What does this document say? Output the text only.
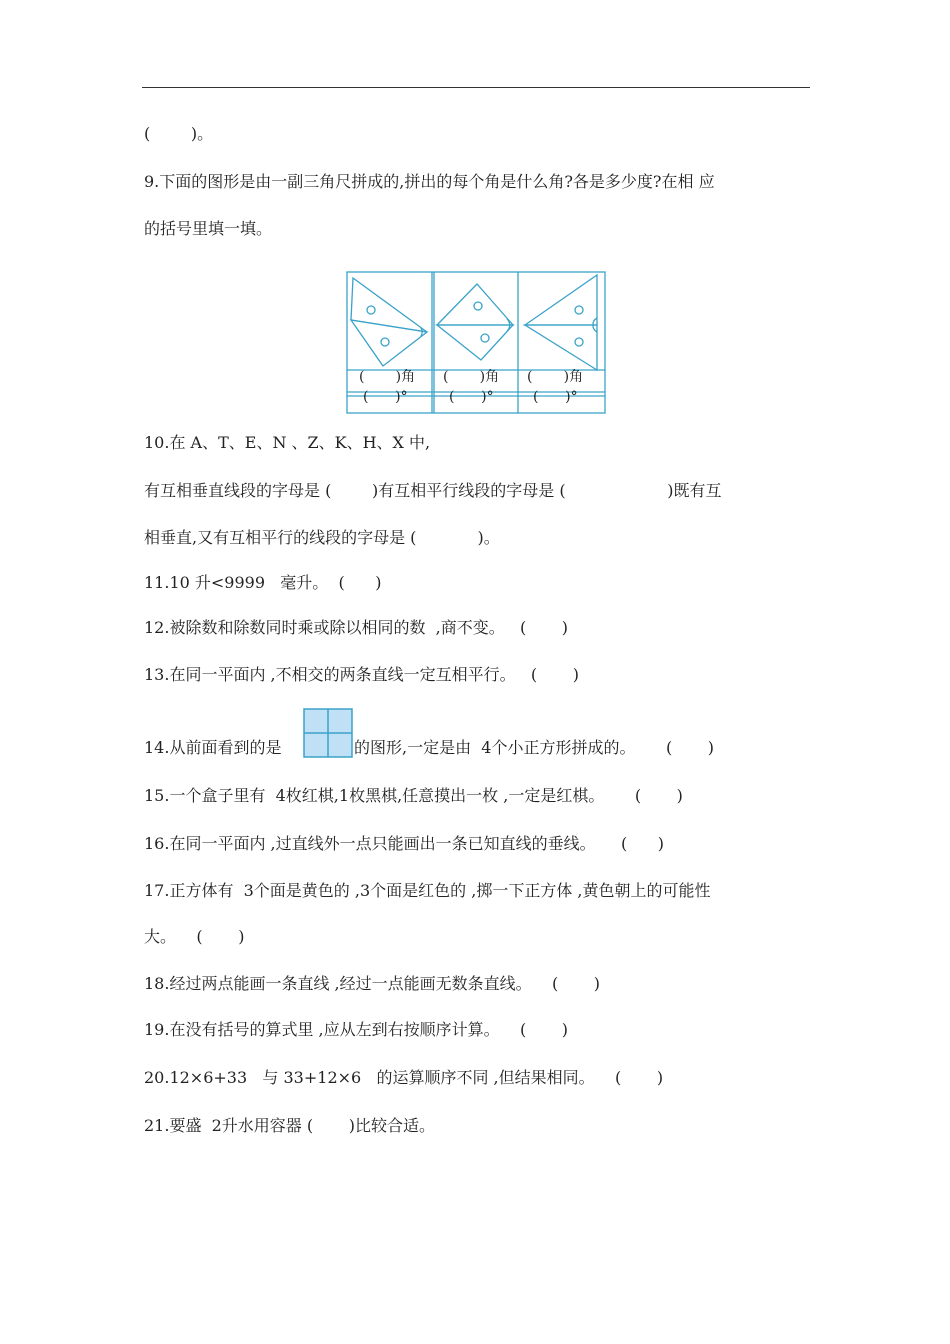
(        )。
9.下面的图形是由一副三角尺拼成的,拼出的每个角是什么角?各是多少度?在相 应
的括号里填一填。
(       )角 (       )角 (       )角
(      )°	(      )°	(      )°
10.在 A、T、E、N 、Z、K、H、X 中,
有互相垂直线段的字母是 (        )有互相平行线段的字母是 (                    )既有互
相垂直,又有互相平行的线段的字母是 (            )。
11.10 升<9999   毫升。  (      )
12.被除数和除数同时乘或除以相同的数  ,商不变。   (       )
13.在同一平面内 ,不相交的两条直线一定互相平行。   (       )
14.从前面看到的是	的图形,一定是由  4个小正方形拼成的。      (       )
15.一个盒子里有  4枚红棋,1枚黑棋,任意摸出一枚 ,一定是红棋。      (       )
16.在同一平面内 ,过直线外一点只能画出一条已知直线的垂线。     (      )
17.正方体有  3个面是黄色的 ,3个面是红色的 ,掷一下正方体 ,黄色朝上的可能性
大。    (       )
18.经过两点能画一条直线 ,经过一点能画无数条直线。    (       )
19.在没有括号的算式里 ,应从左到右按顺序计算。    (       )
20.12×6+33   与 33+12×6   的运算顺序不同 ,但结果相同。    (       )
21.要盛  2升水用容器 (       )比较合适。
